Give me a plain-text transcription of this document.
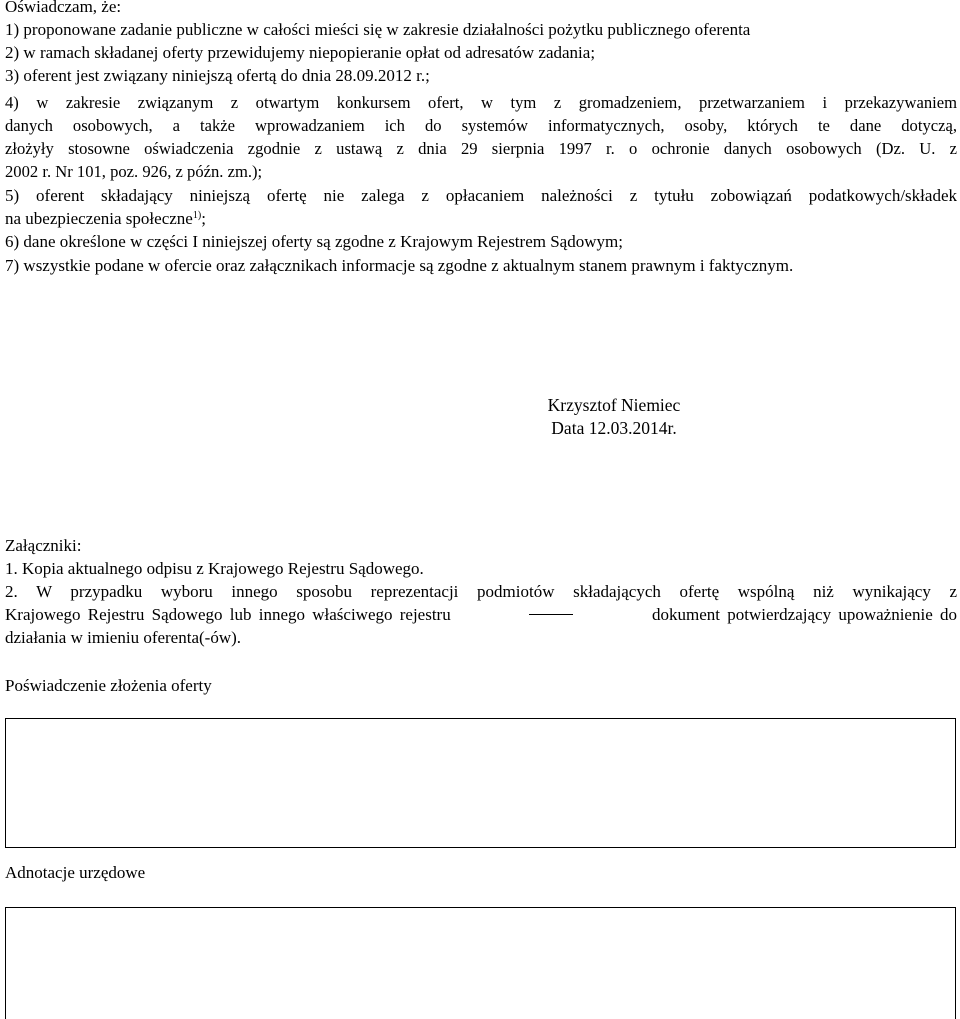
Oświadczam, że:
1) proponowane zadanie publiczne w całości mieści się w zakresie działalności pożytku publicznego oferenta
2) w ramach składanej oferty przewidujemy niepopieranie opłat od adresatów zadania;
3) oferent jest związany niniejszą ofertą do dnia 28.09.2012 r.;
4) w zakresie związanym z otwartym konkursem ofert, w tym z gromadzeniem, przetwarzaniem i przekazywaniem
danych osobowych, a także wprowadzaniem ich do systemów informatycznych, osoby, których te dane dotyczą,
złożyły stosowne oświadczenia zgodnie z ustawą z dnia 29 sierpnia 1997 r. o ochronie danych osobowych (Dz. U. z
2002 r. Nr 101, poz. 926, z późn. zm.);
5) oferent składający niniejszą ofertę nie zalega z opłacaniem należności z tytułu zobowiązań podatkowych/składek
na ubezpieczenia społeczne$^{1)}$;
6) dane określone w części I niniejszej oferty są zgodne z Krajowym Rejestrem Sądowym;
7) wszystkie podane w ofercie oraz załącznikach informacje są zgodne z aktualnym stanem prawnym i faktycznym.
Krzysztof Niemiec
Data 12.03.2014r.
Załączniki:
1. Kopia aktualnego odpisu z Krajowego Rejestru Sądowego.
2. W przypadku wyboru innego sposobu reprezentacji podmiotów składających ofertę wspólną niż wynikający z
Krajowego Rejestru Sądowego lub innego właściwego rejestru	dokument potwierdzający upoważnienie do
działania w imieniu oferenta(-ów).
Poświadczenie złożenia oferty
Adnotacje urzędowe
